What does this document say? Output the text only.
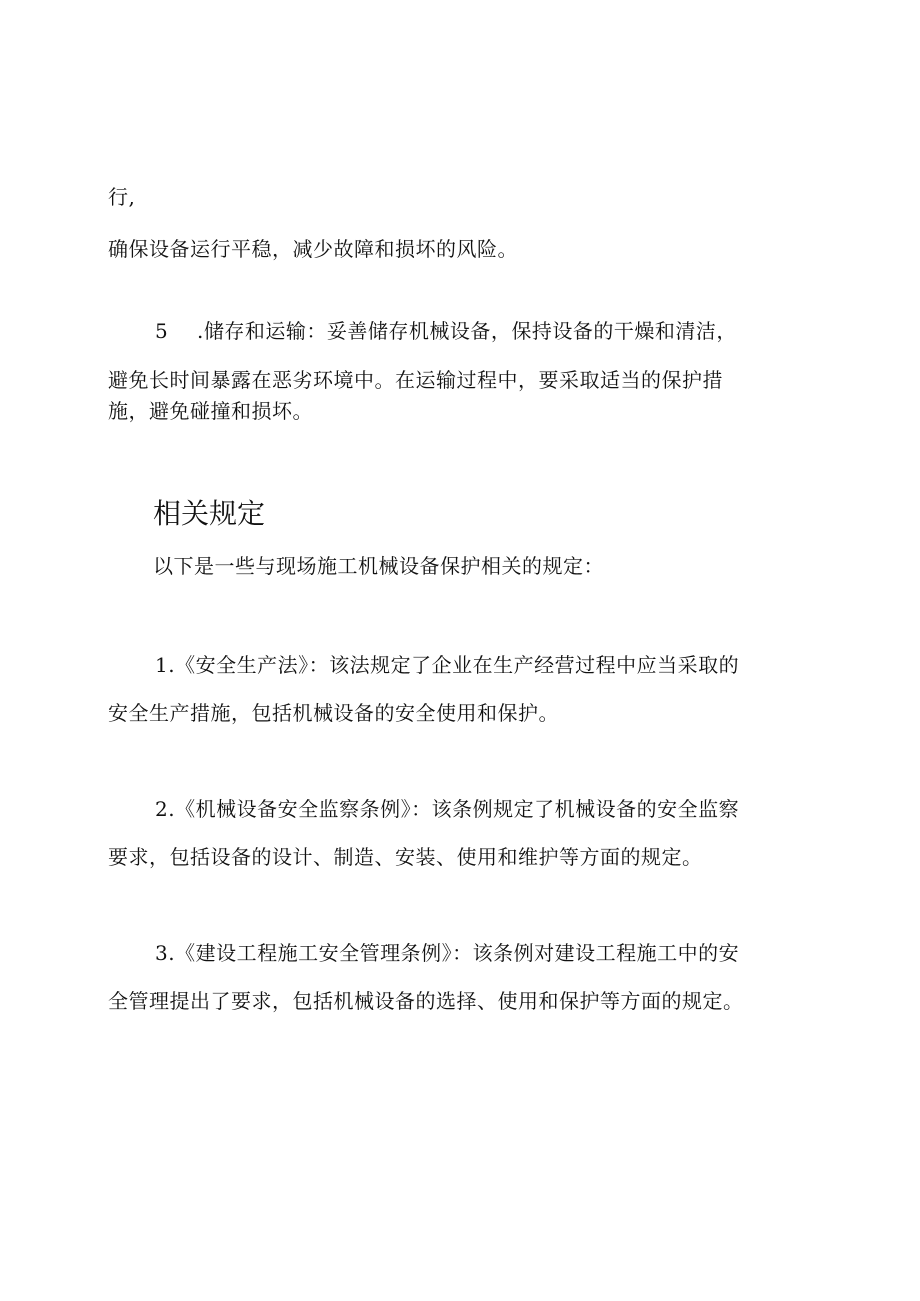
行,
确保设备运行平稳，减少故障和损坏的风险。
5 .储存和运输：妥善储存机械设备，保持设备的干燥和清洁，
避免长时间暴露在恶劣环境中。在运输过程中，要采取适当的保护措
施，避免碰撞和损坏。
相关规定
以下是一些与现场施工机械设备保护相关的规定：
1.《安全生产法》：该法规定了企业在生产经营过程中应当采取的
安全生产措施，包括机械设备的安全使用和保护。
2.《机械设备安全监察条例》：该条例规定了机械设备的安全监察
要求，包括设备的设计、制造、安装、使用和维护等方面的规定。
3.《建设工程施工安全管理条例》：该条例对建设工程施工中的安
全管理提出了要求，包括机械设备的选择、使用和保护等方面的规定。
